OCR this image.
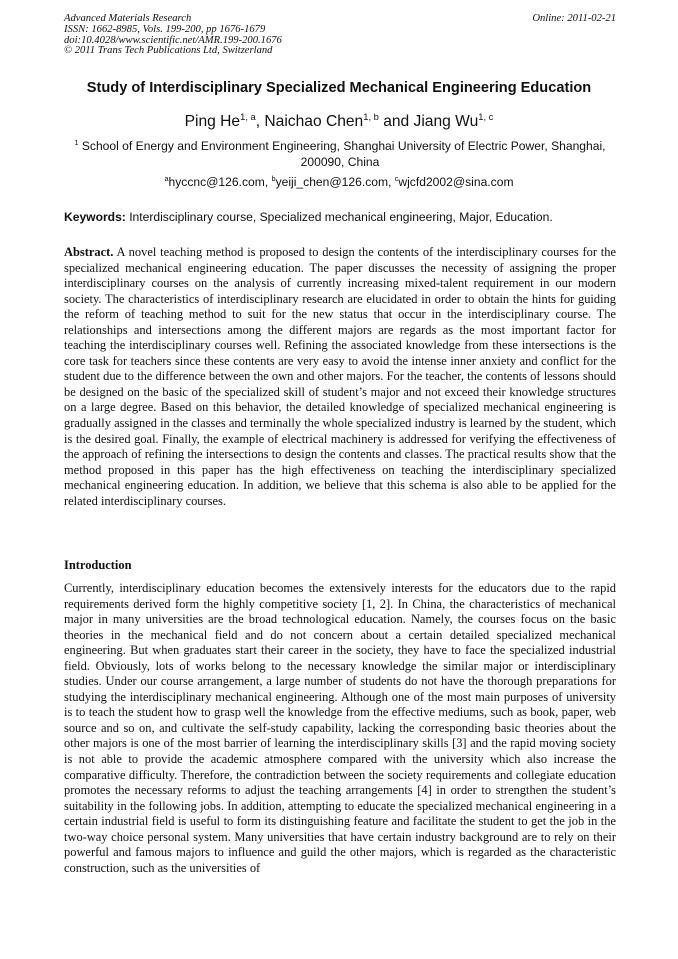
Advanced Materials Research
ISSN: 1662-8985, Vols. 199-200, pp 1676-1679
doi:10.4028/www.scientific.net/AMR.199-200.1676
© 2011 Trans Tech Publications Ltd, Switzerland
Online: 2011-02-21
Study of Interdisciplinary Specialized Mechanical Engineering Education
Ping He$^{1, a}$, Naichao Chen$^{1, b}$ and Jiang Wu$^{1, c}$
$^1$ School of Energy and Environment Engineering, Shanghai University of Electric Power, Shanghai, 200090, China
$^a$hyccnc@126.com, $^b$yeiji_chen@126.com, $^c$wjcfd2002@sina.com
Keywords: Interdisciplinary course, Specialized mechanical engineering, Major, Education.
Abstract. A novel teaching method is proposed to design the contents of the interdisciplinary courses for the specialized mechanical engineering education. The paper discusses the necessity of assigning the proper interdisciplinary courses on the analysis of currently increasing mixed-talent requirement in our modern society. The characteristics of interdisciplinary research are elucidated in order to obtain the hints for guiding the reform of teaching method to suit for the new status that occur in the interdisciplinary course. The relationships and intersections among the different majors are regards as the most important factor for teaching the interdisciplinary courses well. Refining the associated knowledge from these intersections is the core task for teachers since these contents are very easy to avoid the intense inner anxiety and conflict for the student due to the difference between the own and other majors. For the teacher, the contents of lessons should be designed on the basic of the specialized skill of student’s major and not exceed their knowledge structures on a large degree. Based on this behavior, the detailed knowledge of specialized mechanical engineering is gradually assigned in the classes and terminally the whole specialized industry is learned by the student, which is the desired goal. Finally, the example of electrical machinery is addressed for verifying the effectiveness of the approach of refining the intersections to design the contents and classes. The practical results show that the method proposed in this paper has the high effectiveness on teaching the interdisciplinary specialized mechanical engineering education. In addition, we believe that this schema is also able to be applied for the related interdisciplinary courses.
Introduction

Currently, interdisciplinary education becomes the extensively interests for the educators due to the rapid requirements derived form the highly competitive society [1, 2]. In China, the characteristics of mechanical major in many universities are the broad technological education. Namely, the courses focus on the basic theories in the mechanical field and do not concern about a certain detailed specialized mechanical engineering. But when graduates start their career in the society, they have to face the specialized industrial field. Obviously, lots of works belong to the necessary knowledge the similar major or interdisciplinary studies. Under our course arrangement, a large number of students do not have the thorough preparations for studying the interdisciplinary mechanical engineering. Although one of the most main purposes of university is to teach the student how to grasp well the knowledge from the effective mediums, such as book, paper, web source and so on, and cultivate the self-study capability, lacking the corresponding basic theories about the other majors is one of the most barrier of learning the interdisciplinary skills [3] and the rapid moving society is not able to provide the academic atmosphere compared with the university which also increase the comparative difficulty. Therefore, the contradiction between the society requirements and collegiate education promotes the necessary reforms to adjust the teaching arrangements [4] in order to strengthen the student’s suitability in the following jobs. In addition, attempting to educate the specialized mechanical engineering in a certain industrial field is useful to form its distinguishing feature and facilitate the student to get the job in the two-way choice personal system. Many universities that have certain industry background are to rely on their powerful and famous majors to influence and guild the other majors, which is regarded as the characteristic construction, such as the universities of
